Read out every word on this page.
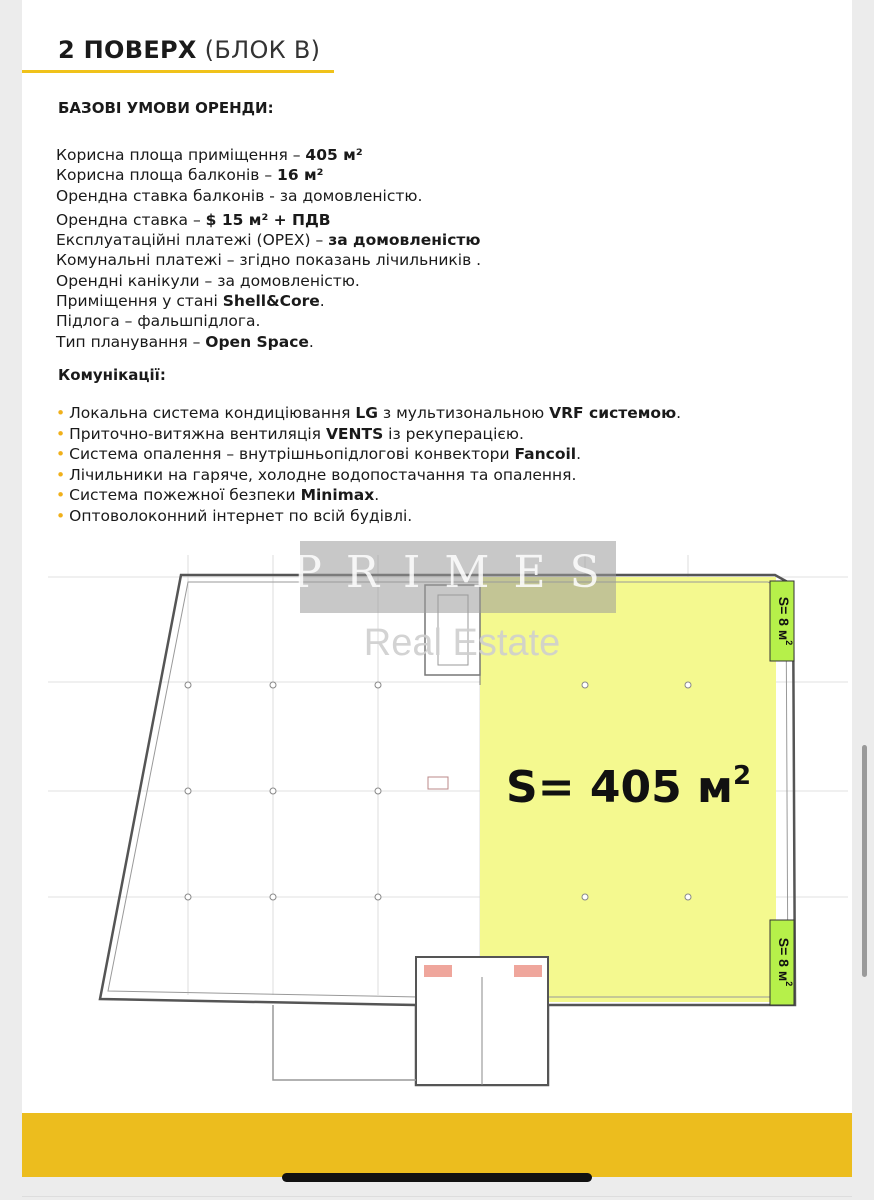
2 ПОВЕРХ (БЛОК В)
БАЗОВІ УМОВИ ОРЕНДИ:
Корисна площа приміщення – 405 м²
Корисна площа балконів – 16 м²
Орендна ставка балконів - за домовленістю.
Орендна ставка – $ 15 м² + ПДВ
Експлуатаційні платежі (OPEX) – за домовленістю
Комунальні платежі – згідно показань лічильників .
Орендні канікули – за домовленістю.
Приміщення у стані Shell&Core.
Підлога – фальшпідлога.
Тип планування – Open Space.
Комунікації:
• Локальна система кондиціювання LG з мультизональною VRF системою.
• Приточно-витяжна вентиляція VENTS із рекуперацією.
• Система опалення – внутрішньопідлогові конвектори Fancoil.
• Лічильники на гаряче, холодне водопостачання та опалення.
• Система пожежної безпеки Minimax.
• Оптоволоконний інтернет по всій будівлі.
S= 8 $м^2$
S= 8 $м^2$
PRIMES
Real Estate
S= 405 $м^2$
